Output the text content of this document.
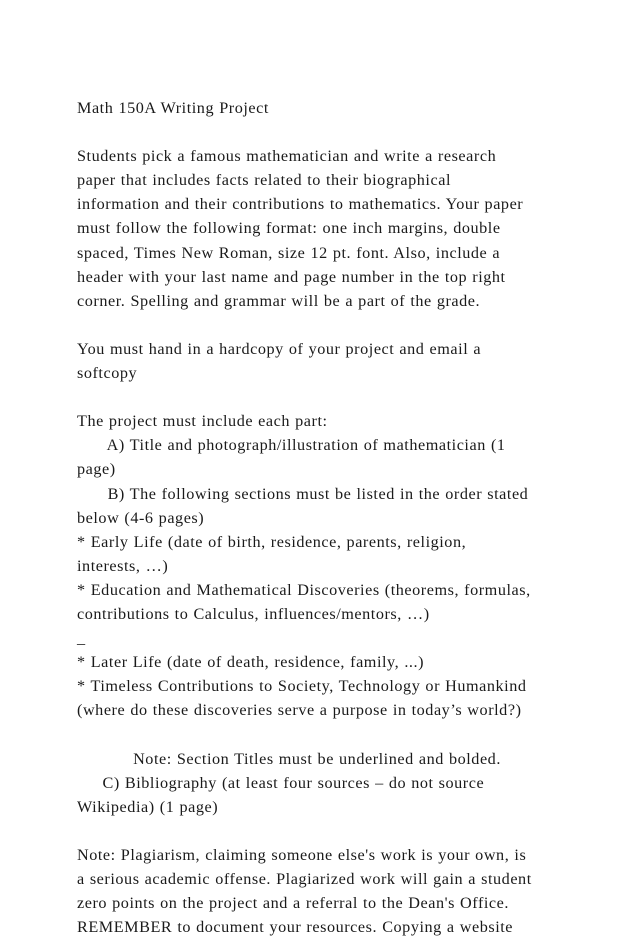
Math 150A Writing Project
Students pick a famous mathematician and write a research
paper that includes facts related to their biographical
information and their contributions to mathematics. Your paper
must follow the following format: one inch margins, double
spaced, Times New Roman, size 12 pt. font. Also, include a
header with your last name and page number in the top right
corner. Spelling and grammar will be a part of the grade.
You must hand in a hardcopy of your project and email a
softcopy
The project must include each part:
A) Title and photograph/illustration of mathematician (1
page)
B) The following sections must be listed in the order stated
below (4-6 pages)
* Early Life (date of birth, residence, parents, religion,
interests, …)
* Education and Mathematical Discoveries (theorems, formulas,
contributions to Calculus, influences/mentors, …)
_
* Later Life (date of death, residence, family, ...)
* Timeless Contributions to Society, Technology or Humankind
(where do these discoveries serve a purpose in today’s world?)
Note: Section Titles must be underlined and bolded.
C) Bibliography (at least four sources – do not source
Wikipedia) (1 page)
Note: Plagiarism, claiming someone else's work is your own, is
a serious academic offense. Plagiarized work will gain a student
zero points on the project and a referral to the Dean's Office.
REMEMBER to document your resources. Copying a website
